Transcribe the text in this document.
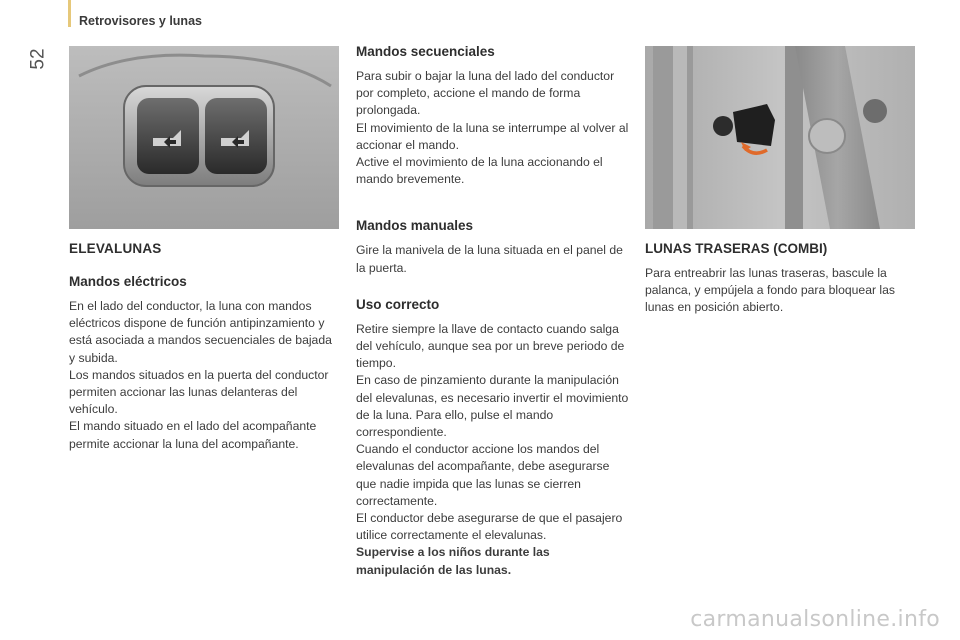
Retrovisores y lunas
52
ELEVALUNAS
Mandos eléctricos

En el lado del conductor, la luna con mandos eléctricos dispone de función antipinzamiento y está asociada a mandos secuenciales de bajada y subida.
Los mandos situados en la puerta del conductor permiten accionar las lunas delanteras del vehículo.
El mando situado en el lado del acompañante permite accionar la luna del acompañante.

Mandos secuenciales

Para subir o bajar la luna del lado del conductor por completo, accione el mando de forma prolongada.
El movimiento de la luna se interrumpe al volver al accionar el mando.
Active el movimiento de la luna accionando el mando brevemente.

Mandos manuales

Gire la manivela de la luna situada en el panel de la puerta.

Uso correcto

Retire siempre la llave de contacto cuando salga del vehículo, aunque sea por un breve periodo de tiempo.
En caso de pinzamiento durante la manipulación del elevalunas, es necesario invertir el movimiento de la luna. Para ello, pulse el mando correspondiente.
Cuando el conductor accione los mandos del elevalunas del acompañante, debe asegurarse que nadie impida que las lunas se cierren correctamente.
El conductor debe asegurarse de que el pasajero utilice correctamente el elevalunas.
Supervise a los niños durante las manipulación de las lunas.

LUNAS TRASERAS (COMBI)

Para entreabrir las lunas traseras, bascule la palanca, y empújela a fondo para bloquear las lunas en posición abierto.

carmanualsonline.info
